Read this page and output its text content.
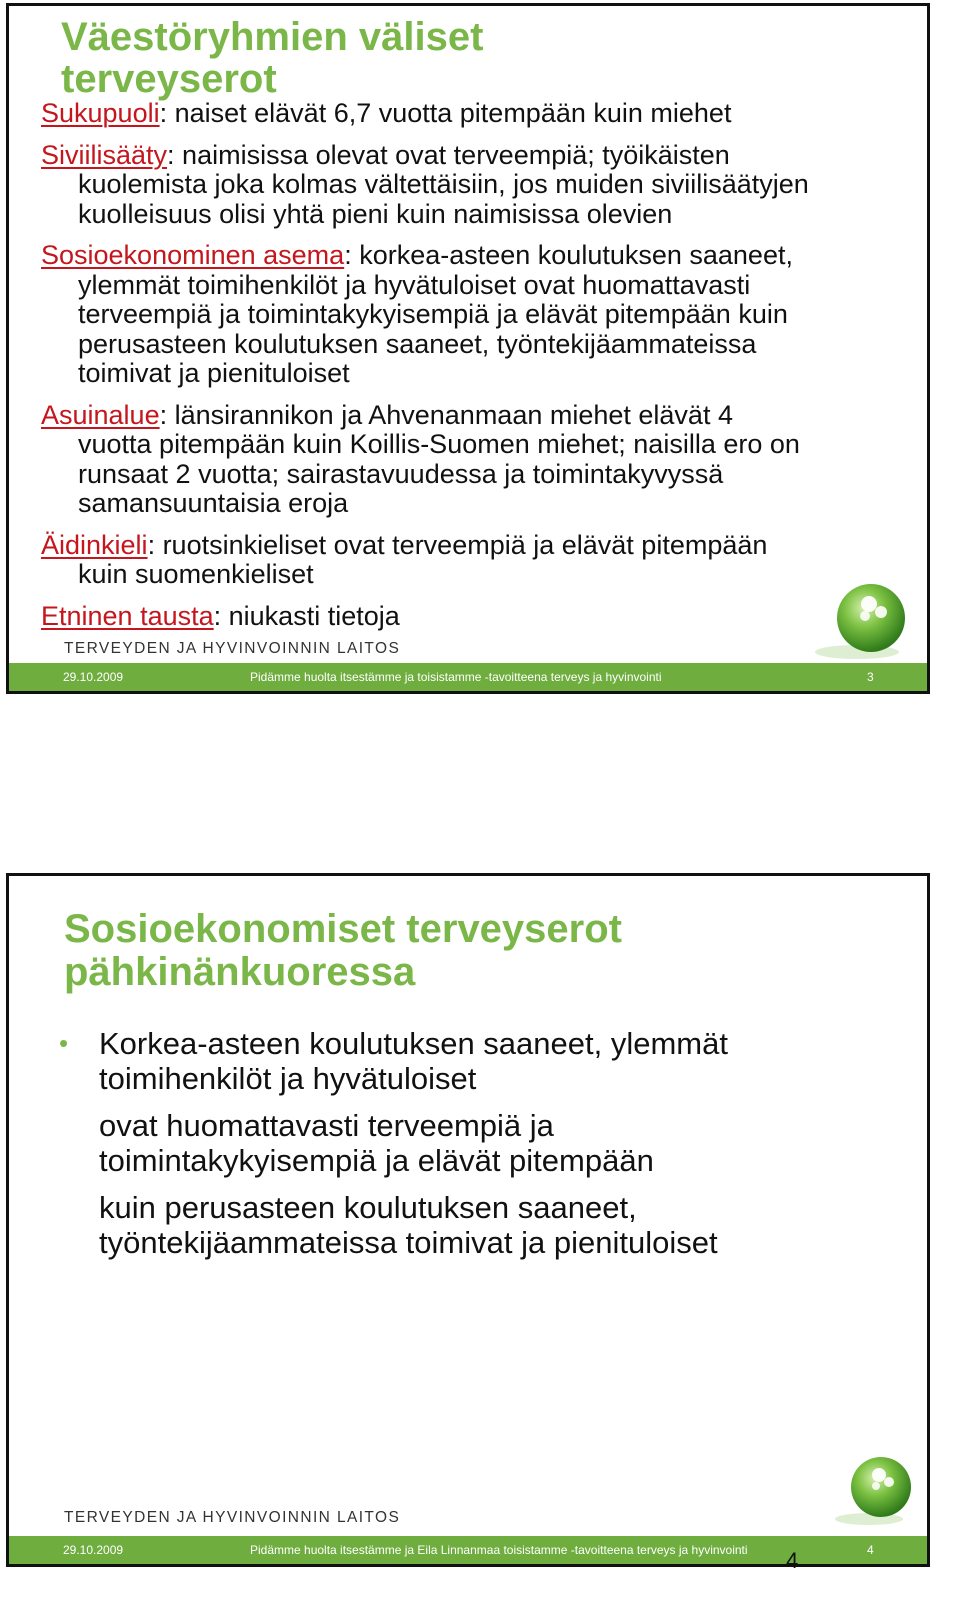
Väestöryhmien väliset
terveyserot
Sukupuoli: naiset elävät 6,7 vuotta pitempään kuin miehet
Siviilisääty: naimisissa olevat ovat terveempiä; työikäisten
kuolemista joka kolmas vältettäisiin, jos muiden siviilisäätyjen
kuolleisuus olisi yhtä pieni kuin naimisissa olevien
Sosioekonominen asema: korkea-asteen koulutuksen saaneet,
ylemmät toimihenkilöt ja hyvätuloiset ovat huomattavasti
terveempiä ja toimintakykyisempiä ja elävät pitempään kuin
perusasteen koulutuksen saaneet, työntekijäammateissa
toimivat ja pienituloiset
Asuinalue: länsirannikon ja Ahvenanmaan miehet elävät 4
vuotta pitempään kuin Koillis-Suomen miehet; naisilla ero on
runsaat 2 vuotta; sairastavuudessa ja toimintakyvyssä
samansuuntaisia eroja
Äidinkieli: ruotsinkieliset ovat terveempiä ja elävät pitempään
kuin suomenkieliset
Etninen tausta: niukasti tietoja
TERVEYDEN JA HYVINVOINNIN LAITOS
29.10.2009	Pidämme huolta itsestämme ja toisistamme -tavoitteena terveys ja hyvinvointi	3
Sosioekonomiset terveyserot
pähkinänkuoressa
• Korkea-asteen koulutuksen saaneet, ylemmät
toimihenkilöt ja hyvätuloiset
ovat huomattavasti terveempiä ja
toimintakykyisempiä ja elävät pitempään
kuin perusasteen koulutuksen saaneet,
työntekijäammateissa toimivat ja pienituloiset
TERVEYDEN JA HYVINVOINNIN LAITOS
29.10.2009	Pidämme huolta itsestämme ja Eila Linnanmaa toisistamme -tavoitteena terveys ja hyvinvointi	4
4
